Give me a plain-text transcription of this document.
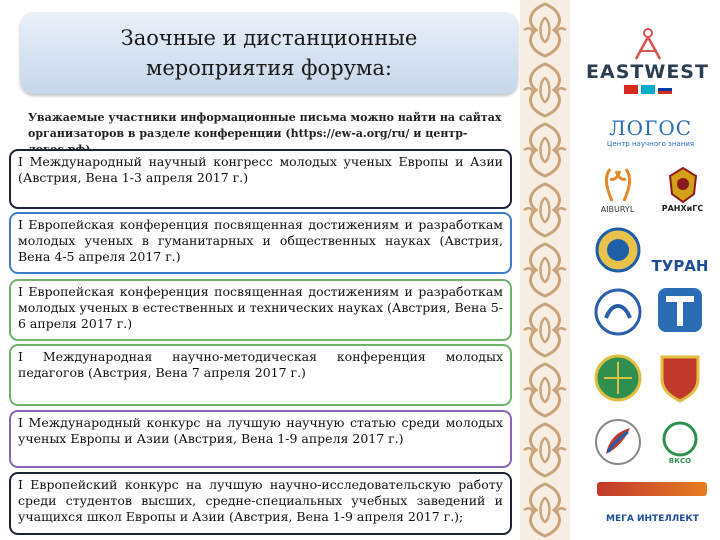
Заочные и дистанционные
мероприятия форума:
Уважаемые участники информационные письма можно найти на сайтах
организаторов в разделе конференции (https://ew-a.org/ru/ и центр-
I Международный научный конгресс молодых ученых Европы и Азии (Австрия, Вена 1-3 апреля 2017 г.)
I Европейская конференция посвященная достижениям и разработкам молодых ученых в гуманитарных и общественных науках (Австрия, Вена 4-5 апреля 2017 г.)
I Европейская конференция посвященная достижениям и разработкам молодых ученых в естественных и технических науках (Австрия, Вена 5-6 апреля 2017 г.)
I Международная научно-методическая конференция молодых педагогов (Австрия, Вена 7 апреля 2017 г.)
I Международный конкурс на лучшую научную статью среди молодых ученых Европы и Азии (Австрия, Вена 1-9 апреля 2017 г.)
I Европейский конкурс на лучшую научно-исследовательскую работу среди студентов высших, средне-специальных учебных заведений и учащихся школ Европы и Азии (Австрия, Вена 1-9 апреля 2017 г.);
EASTWEST
ЛОГОС
Центр научного знания
AIBURYL	РАНХиГС
ТУРАН
ВКСО
МЕГА ИНТЕЛЛЕКТ
